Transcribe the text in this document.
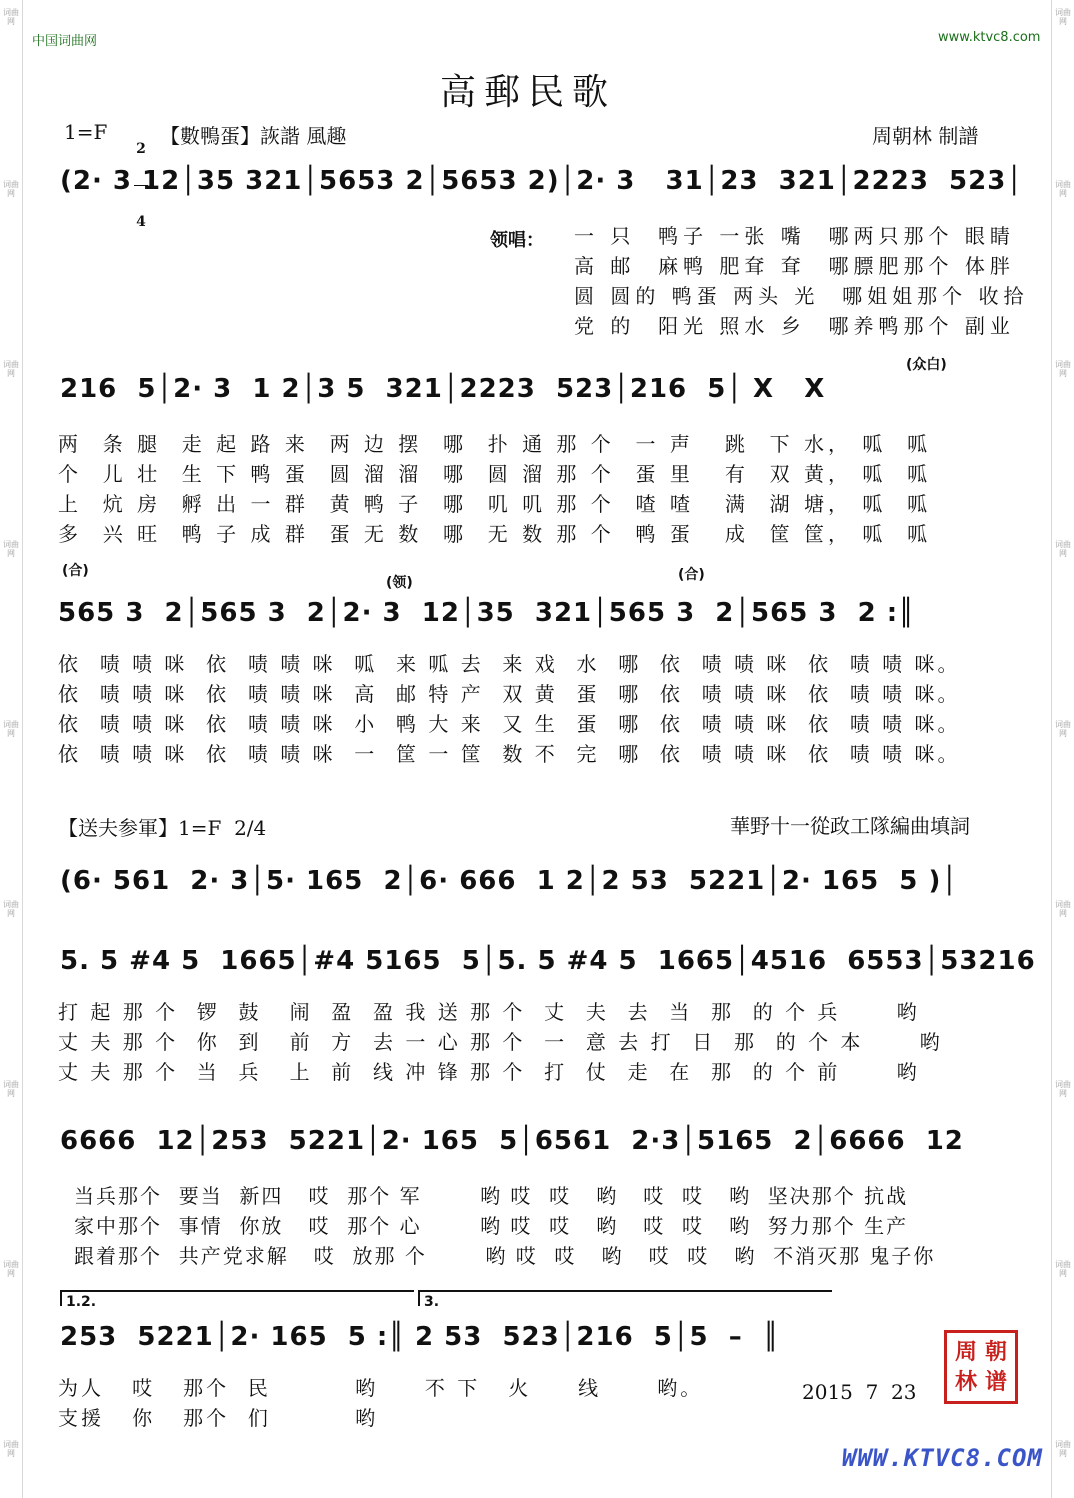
词曲网
词曲网
词曲网
词曲网
词曲网
词曲网
词曲网
词曲网
词曲网
词曲网
词曲网
词曲网
词曲网
词曲网
词曲网
词曲网
词曲网
词曲网
中国词曲网	www.ktvc8.com
高郵民歌
1=F

2

4

【數鴨蛋】詼諧 風趣	周朝林 制譜
(2· 3 12│35 321│5653 2│5653 2)│2· 3   31│23  321│2223  523│
领唱： 一 只  鸭子 一张 嘴  哪两只那个 眼睛
高 邮  麻鸭 肥耷 耷  哪膘肥那个 体胖
圆 圆的 鸭蛋 两头 光  哪姐姐那个 收拾
党 的  阳光 照水 乡  哪养鸭那个 副业
(众白)
216  5│2· 3  1 2│3 5  321│2223  523│216  5│ X   X
两  条 腿  走 起 路 来  两 边 摆  哪  扑 通 那 个  一 声   跳  下 水， 呱  呱
个  儿 壮  生 下 鸭 蛋  圆 溜 溜  哪  圆 溜 那 个  蛋 里   有  双 黄， 呱  呱
上  炕 房  孵 出 一 群  黄 鸭 子  哪  叽 叽 那 个  喳 喳   满  湖 塘， 呱  呱
多  兴 旺  鸭 子 成 群  蛋 无 数  哪  无 数 那 个  鸭 蛋   成  筐 筐， 呱  呱
(合)
(领)	(合)
565 3  2│565 3  2│2· 3  12│35  321│565 3  2│565 3  2 :║
依  啧 啧 咪  依  啧 啧 咪  呱  来 呱 去  来 戏  水  哪  依  啧 啧 咪  依  啧 啧 咪。
依  啧 啧 咪  依  啧 啧 咪  高  邮 特 产  双 黄  蛋  哪  依  啧 啧 咪  依  啧 啧 咪。
依  啧 啧 咪  依  啧 啧 咪  小  鸭 大 来  又 生  蛋  哪  依  啧 啧 咪  依  啧 啧 咪。
依  啧 啧 咪  依  啧 啧 咪  一  筐 一 筐  数 不  完  哪  依  啧 啧 咪  依  啧 啧 咪。
【送夫参軍】1=F  2/4	華野十一從政工隊編曲填詞
(6· 561  2· 3│5· 165  2│6· 666  1 2│2 53  5221│2· 165  5 )│
5. 5 #4 5  1665│#4 5165  5│5. 5 #4 5  1665│4516  6553│53216
打 起 那 个  锣  鼓   闹  盈  盈 我 送 那 个  丈  夫  去  当  那  的 个 兵      哟
丈 夫 那 个  你  到   前  方  去 一 心 那 个  一  意 去 打  日  那  的 个 本      哟
丈 夫 那 个  当  兵   上  前  线 冲 锋 那 个  打  仗  走  在  那  的 个 前      哟
6666  12│253  5221│2· 165  5│6561  2·3│5165  2│6666  12
当兵那个  要当  新四   哎  那个 军       哟 哎  哎   哟   哎  哎   哟  坚决那个 抗战
家中那个  事情  你放   哎  那个 心       哟 哎  哎   哟   哎  哎   哟  努力那个 生产
跟着那个  共产党求解   哎  放那 个       哟 哎  哎   哟   哎  哎   哟  不消灭那 鬼子你
1.2.	3.
253  5221│2· 165  5 :║ 2 53  523│216  5│5  –  ║
为人   哎   那个  民         哟     不 下   火     线      哟。
支援   你   那个  们         哟
2015  7  23
周 朝
林 谱
WWW.KTVC8.COM
